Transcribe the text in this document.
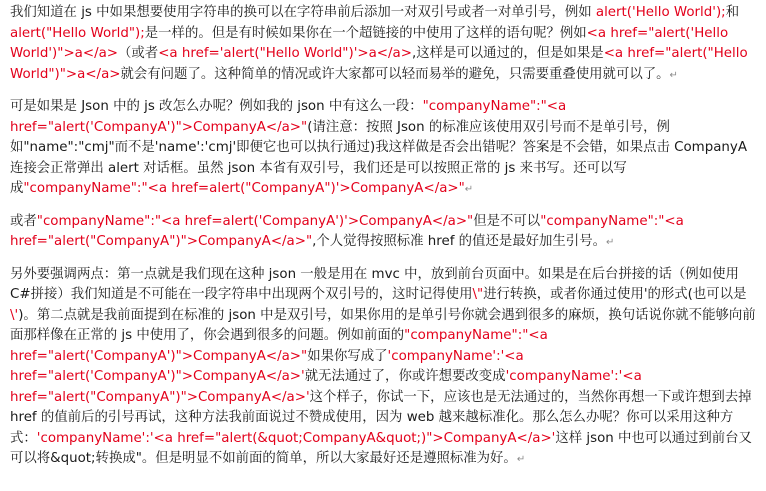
我们知道在 js 中如果想要使用字符串的换可以在字符串前后添加一对双引号或者一对单引号，例如 alert('Hello World');和 alert("Hello World");是一样的。但是有时候如果你在一个超链接的中使用了这样的语句呢？例如<a href="alert('Hello World')">a</a>（或者<a href='alert("Hello World")'>a</a>,这样是可以通过的，但是如果是<a href="alert("Hello World")">a</a>就会有问题了。这种简单的情况或许大家都可以轻而易举的避免，只需要重叠使用就可以了。↵

可是如果是 Json 中的 js 改怎么办呢？例如我的 json 中有这么一段："companyName":"<a href="alert('CompanyA')">CompanyA</a>"(请注意：按照 Json 的标准应该使用双引号而不是单引号，例如"name":"cmj"而不是'name':'cmj'即便它也可以执行通过)我这样做是否会出错呢？答案是不会错，如果点击 CompanyA 连接会正常弹出 alert 对话框。虽然 json 本省有双引号，我们还是可以按照正常的 js 来书写。还可以写成"companyName":"<a href=alert("CompanyA")'>CompanyA</a>"↵

或者"companyName":"<a href=alert('CompanyA')'>CompanyA</a>"但是不可以"companyName":"<a href="alert("CompanyA")">CompanyA</a>",个人觉得按照标准 href 的值还是最好加生引号。↵

另外要强调两点：第一点就是我们现在这种 json 一般是用在 mvc 中，放到前台页面中。如果是在后台拼接的话（例如使用 C#拼接）我们知道是不可能在一段字符串中出现两个双引号的，这时记得使用\"进行转换，或者你通过使用'的形式(也可以是\')。第二点就是我前面提到在标准的 json 中是双引号，如果你用的是单引号你就会遇到很多的麻烦，换句话说你就不能够向前面那样像在正常的 js 中使用了，你会遇到很多的问题。例如前面的"companyName":"<a href="alert('CompanyA')">CompanyA</a>"如果你写成了'companyName':'<a href="alert('CompanyA')">CompanyA</a>'就无法通过了，你或许想要改变成'companyName':'<a href="alert("CompanyA")">CompanyA</a>'这个样子，你试一下，应该也是无法通过的，当然你再想一下或许想到去掉 href 的值前后的引号再试，这种方法我前面说过不赞成使用，因为 web 越来越标准化。那么怎么办呢？你可以采用这种方式：'companyName':'<a href="alert(&quot;CompanyA&quot;)">CompanyA</a>'这样 json 中也可以通过到前台又可以将&quot;转换成"。但是明显不如前面的简单，所以大家最好还是遵照标准为好。↵
